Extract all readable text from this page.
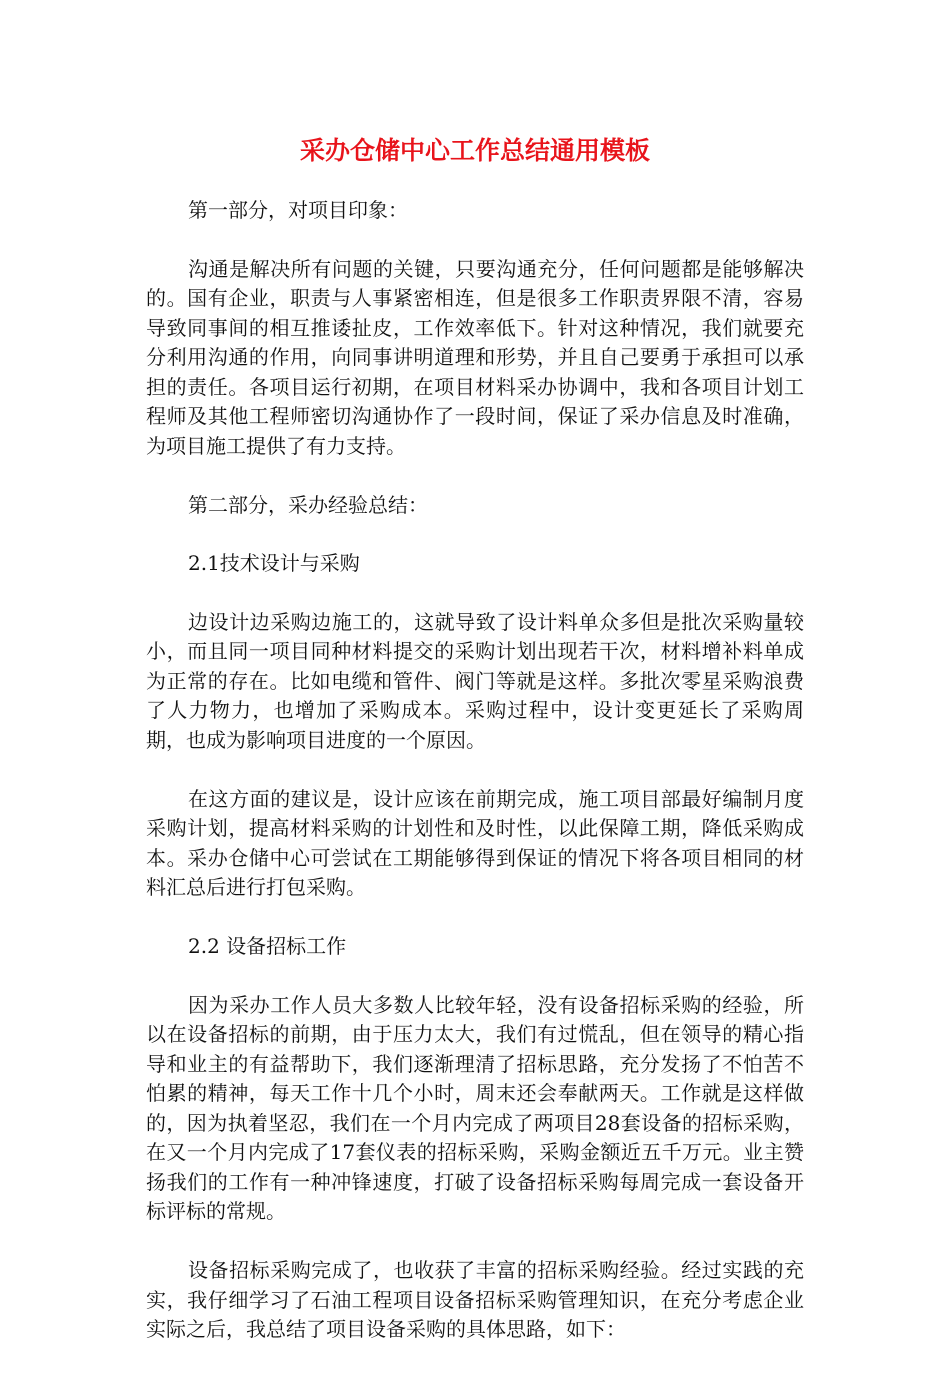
采办仓储中心工作总结通用模板

第一部分，对项目印象：

沟通是解决所有问题的关键，只要沟通充分，任何问题都是能够解决的。国有企业，职责与人事紧密相连，但是很多工作职责界限不清，容易导致同事间的相互推诿扯皮，工作效率低下。针对这种情况，我们就要充分利用沟通的作用，向同事讲明道理和形势，并且自己要勇于承担可以承担的责任。各项目运行初期，在项目材料采办协调中，我和各项目计划工程师及其他工程师密切沟通协作了一段时间，保证了采办信息及时准确，为项目施工提供了有力支持。

第二部分，采办经验总结：

2.1技术设计与采购

边设计边采购边施工的，这就导致了设计料单众多但是批次采购量较小，而且同一项目同种材料提交的采购计划出现若干次，材料增补料单成为正常的存在。比如电缆和管件、阀门等就是这样。多批次零星采购浪费了人力物力，也增加了采购成本。采购过程中，设计变更延长了采购周期，也成为影响项目进度的一个原因。

在这方面的建议是，设计应该在前期完成，施工项目部最好编制月度采购计划，提高材料采购的计划性和及时性，以此保障工期，降低采购成本。采办仓储中心可尝试在工期能够得到保证的情况下将各项目相同的材料汇总后进行打包采购。

2.2 设备招标工作

因为采办工作人员大多数人比较年轻，没有设备招标采购的经验，所以在设备招标的前期，由于压力太大，我们有过慌乱，但在领导的精心指导和业主的有益帮助下，我们逐渐理清了招标思路，充分发扬了不怕苦不怕累的精神，每天工作十几个小时，周末还会奉献两天。工作就是这样做的，因为执着坚忍，我们在一个月内完成了两项目28套设备的招标采购，在又一个月内完成了17套仪表的招标采购，采购金额近五千万元。业主赞扬我们的工作有一种冲锋速度，打破了设备招标采购每周完成一套设备开标评标的常规。

设备招标采购完成了，也收获了丰富的招标采购经验。经过实践的充实，我仔细学习了石油工程项目设备招标采购管理知识，在充分考虑企业实际之后，我总结了项目设备采购的具体思路，如下：
